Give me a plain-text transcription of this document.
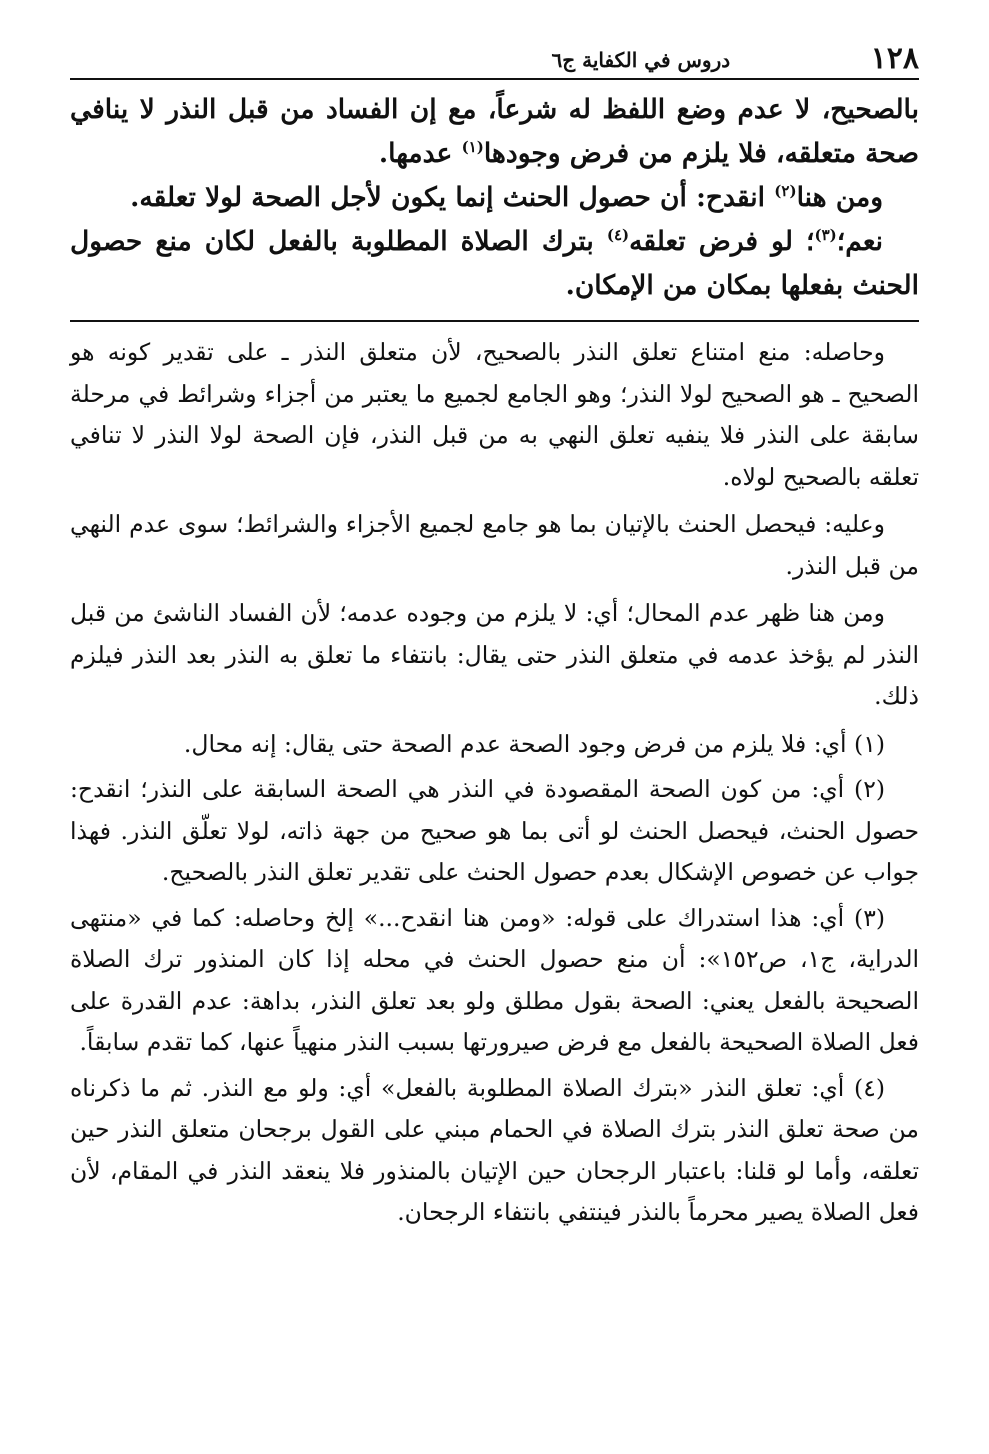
١٢٨
دروس في الكفاية ج٦

بالصحيح، لا عدم وضع اللفظ له شرعاً، مع إن الفساد من قبل النذر لا ينافي صحة متعلقه، فلا يلزم من فرض وجودها$^{(١)}$ عدمها.

ومن هنا$^{(٢)}$ انقدح: أن حصول الحنث إنما يكون لأجل الصحة لولا تعلقه.

نعم؛$^{(٣)}$؛ لو فرض تعلقه$^{(٤)}$ بترك الصلاة المطلوبة بالفعل لكان منع حصول الحنث بفعلها بمكان من الإمكان.

وحاصله: منع امتناع تعلق النذر بالصحيح، لأن متعلق النذر ـ على تقدير كونه هو الصحيح ـ هو الصحيح لولا النذر؛ وهو الجامع لجميع ما يعتبر من أجزاء وشرائط في مرحلة سابقة على النذر فلا ينفيه تعلق النهي به من قبل النذر، فإن الصحة لولا النذر لا تنافي تعلقه بالصحيح لولاه.

وعليه: فيحصل الحنث بالإتيان بما هو جامع لجميع الأجزاء والشرائط؛ سوى عدم النهي من قبل النذر.

ومن هنا ظهر عدم المحال؛ أي: لا يلزم من وجوده عدمه؛ لأن الفساد الناشئ من قبل النذر لم يؤخذ عدمه في متعلق النذر حتى يقال: بانتفاء ما تعلق به النذر بعد النذر فيلزم ذلك.

(١) أي: فلا يلزم من فرض وجود الصحة عدم الصحة حتى يقال: إنه محال.

(٢) أي: من كون الصحة المقصودة في النذر هي الصحة السابقة على النذر؛ انقدح: حصول الحنث، فيحصل الحنث لو أتى بما هو صحيح من جهة ذاته، لولا تعلّق النذر. فهذا جواب عن خصوص الإشكال بعدم حصول الحنث على تقدير تعلق النذر بالصحيح.

(٣) أي: هذا استدراك على قوله: «ومن هنا انقدح...» إلخ وحاصله: كما في «منتهى الدراية، ج١، ص١٥٢»: أن منع حصول الحنث في محله إذا كان المنذور ترك الصلاة الصحيحة بالفعل يعني: الصحة بقول مطلق ولو بعد تعلق النذر، بداهة: عدم القدرة على فعل الصلاة الصحيحة بالفعل مع فرض صيرورتها بسبب النذر منهياً عنها، كما تقدم سابقاً.

(٤) أي: تعلق النذر «بترك الصلاة المطلوبة بالفعل» أي: ولو مع النذر. ثم ما ذكرناه من صحة تعلق النذر بترك الصلاة في الحمام مبني على القول برجحان متعلق النذر حين تعلقه، وأما لو قلنا: باعتبار الرجحان حين الإتيان بالمنذور فلا ينعقد النذر في المقام، لأن فعل الصلاة يصير محرماً بالنذر فينتفي بانتفاء الرجحان.
